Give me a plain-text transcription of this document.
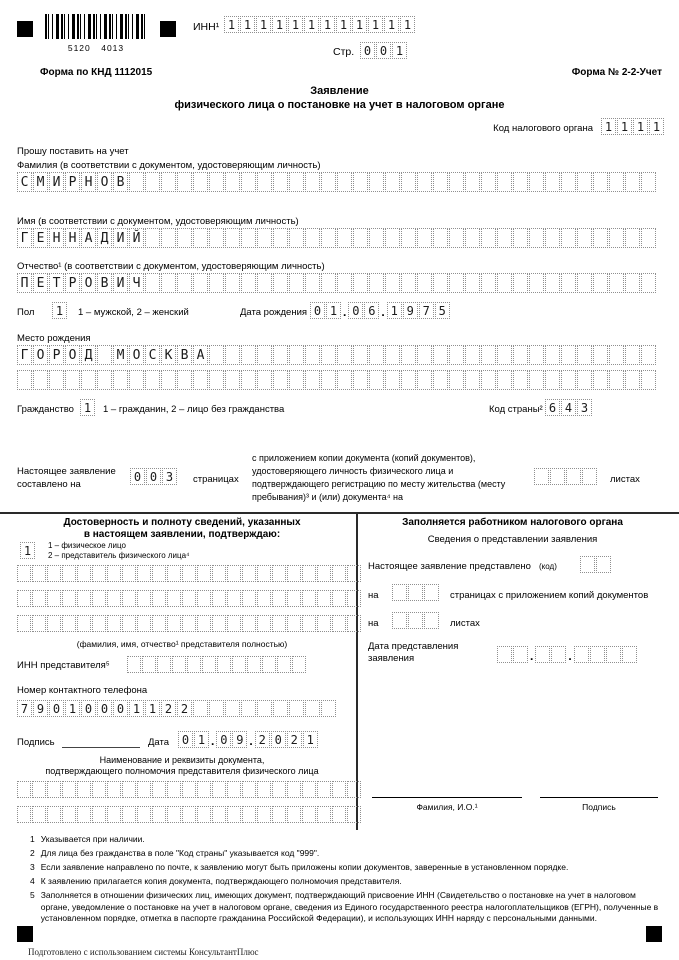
5120 4013
ИНН¹ 1 1 1 1 1 1 1 1 1 1 1 1
Стр. 0 0 1
Форма по КНД 1112015	Форма № 2-2-Учет
Заявление
физического лица о постановке на учет в налоговом органе
Код налогового органа 1 1 1 1
Прошу поставить на учет
Фамилия (в соответствии с документом, удостоверяющим личность)
С М И Р Н О В
Имя (в соответствии с документом, удостоверяющим личность)
Г Е Н Н А Д И Й
Отчество¹ (в соответствии с документом, удостоверяющим личность)
П Е Т Р О В И Ч
Пол	1	1 – мужской, 2 – женский	Дата рождения 0 1 . 0 6 . 1 9 7 5
Место рождения
Г О Р О Д М О С К В А
Гражданство 1	1 – гражданин, 2 – лицо без гражданства	Код страны² 6 4 3
Настоящее заявление
составлено на
0 0 3	страницах
с приложением копии документа (копий документов), удостоверяющего личность физического лица и подтверждающего регистрацию по месту жительства (месту пребывания)³ и (или) документа⁴ на
листах
Достоверность и полноту сведений, указанных
в настоящем заявлении, подтверждаю:
1	1 – физическое лицо
2 – представитель физического лица⁴
(фамилия, имя, отчество¹ представителя полностью)
ИНН представителя⁵
Номер контактного телефона
7 9 0 1 0 0 0 1 1 2 2
Подпись	Дата	0 1 . 0 9 . 2 0 2 1
Наименование и реквизиты документа,
подтверждающего полномочия представителя физического лица
Заполняется работником налогового органа
Сведения о представлении заявления
Настоящее заявление представлено (код)
на	страницах с приложением копий документов
на	листах
Дата представления
заявления	.	.
Фамилия, И.О.¹	Подпись
1 Указывается при наличии.
2 Для лица без гражданства в поле "Код страны" указывается код "999".
3 Если заявление направлено по почте, к заявлению могут быть приложены копии документов, заверенные в установленном порядке.
4 К заявлению прилагается копия документа, подтверждающего полномочия представителя.
5 Заполняется в отношении физических лиц, имеющих документ, подтверждающий присвоение ИНН (Свидетельство о постановке на учет в налоговом органе, уведомление о постановке на учет в налоговом органе, сведения из Единого государственного реестра налогоплательщиков (ЕГРН), полученные в установленном порядке, отметка в паспорте гражданина Российской Федерации), и использующих ИНН наряду с персональными данными.
Подготовлено с использованием системы КонсультантПлюс
